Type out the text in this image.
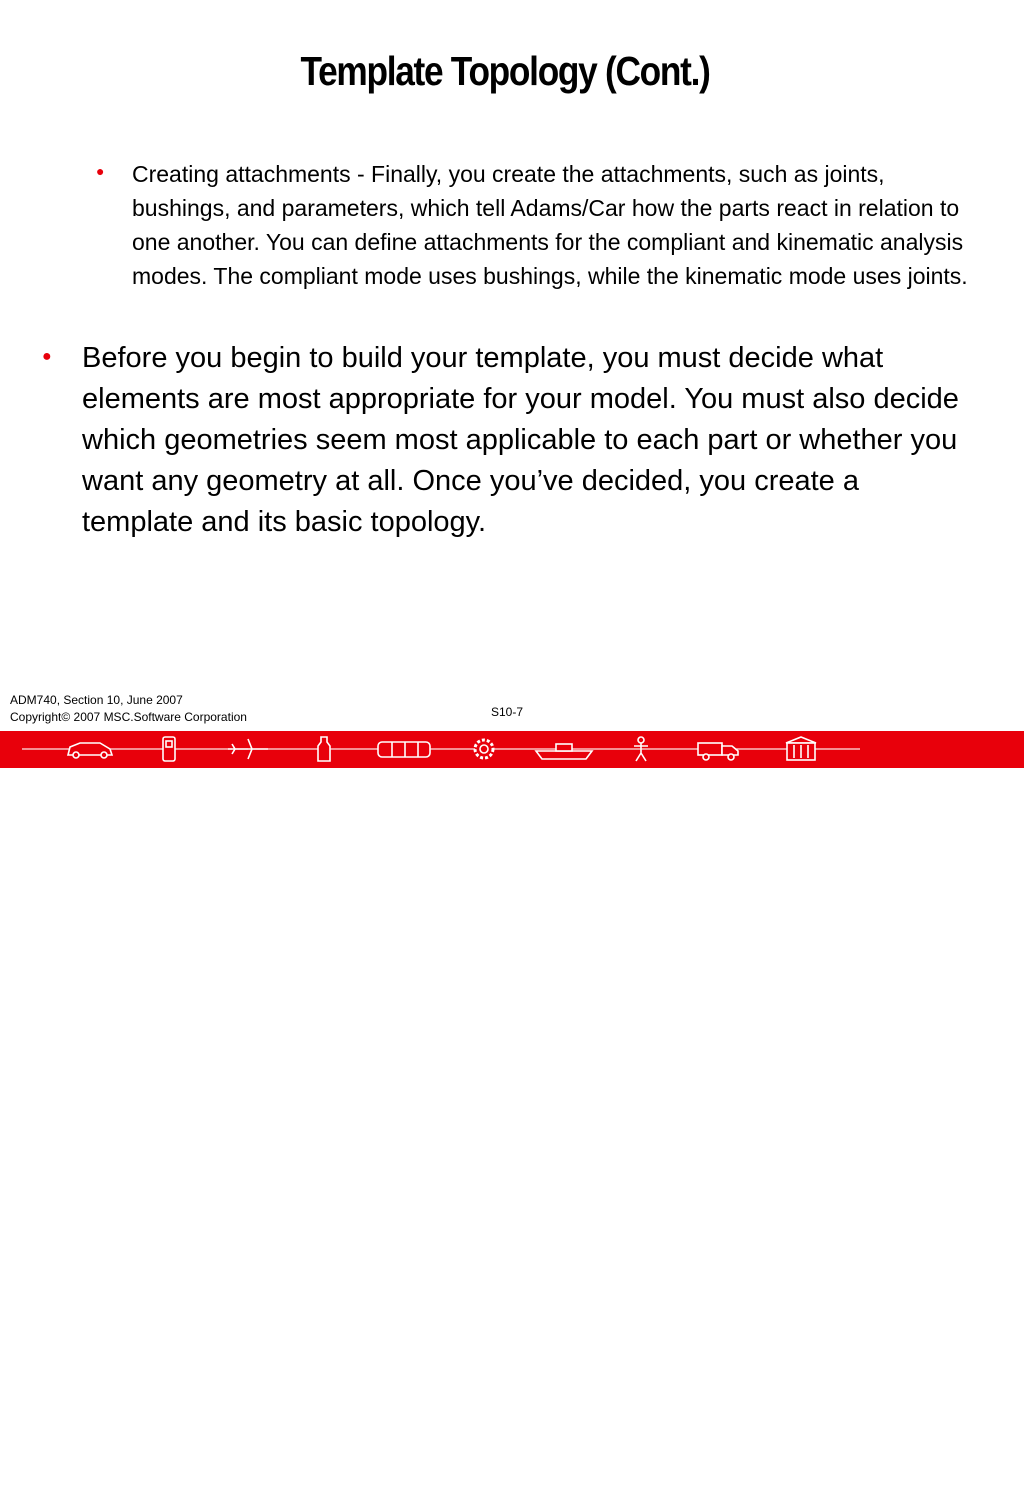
Template Topology (Cont.)
●	Creating attachments - Finally, you create the attachments, such as joints, bushings, and parameters, which tell Adams/Car how the parts react in relation to one another. You can define attachments for the compliant and kinematic analysis modes. The compliant mode uses bushings, while the kinematic mode uses joints.
●	Before you begin to build your template, you must decide what elements are most appropriate for your model. You must also decide which geometries seem most applicable to each part or whether you want any geometry at all. Once you’ve decided, you create a template and its basic topology.
ADM740, Section 10, June 2007
Copyright© 2007 MSC.Software Corporation	S10-7
MSC⨉Software
